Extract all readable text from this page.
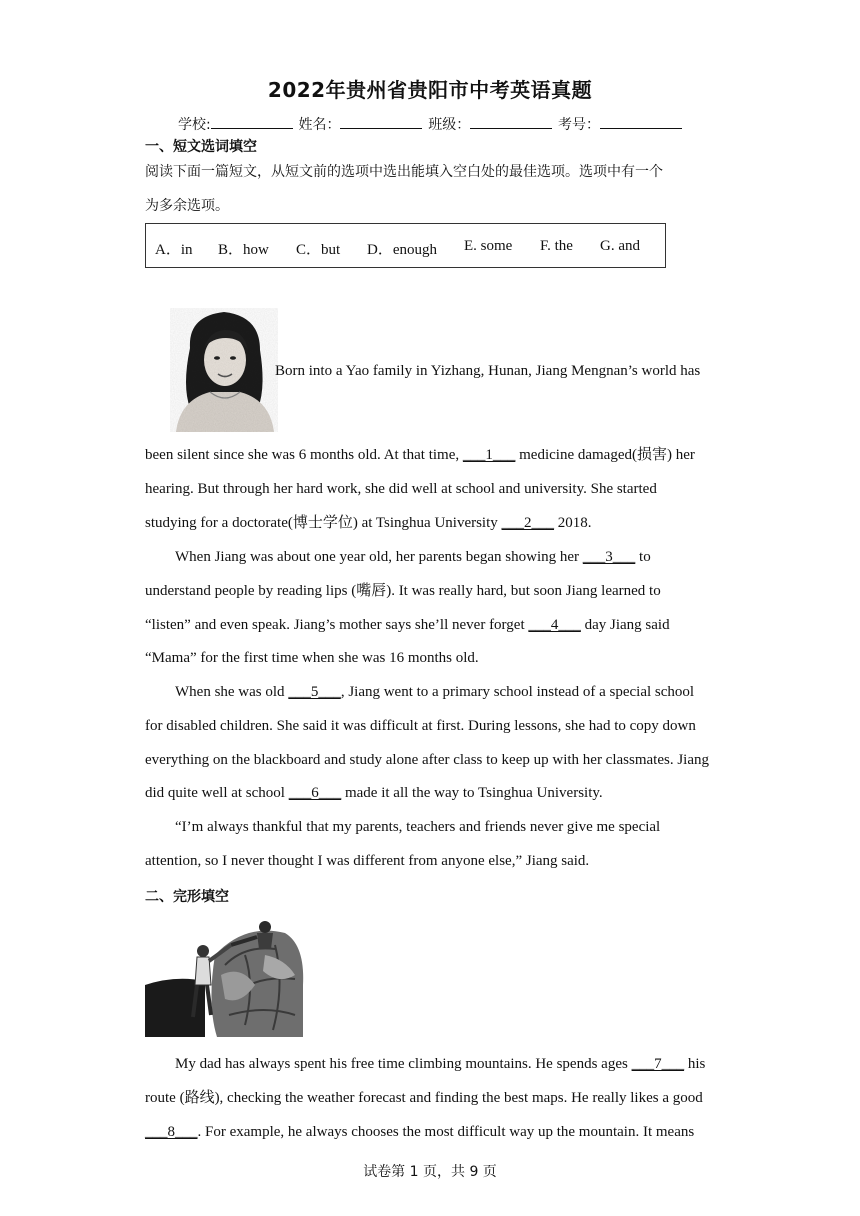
2022年贵州省贵阳市中考英语真题
学校:	姓名：	班级：	考号：
一、短文选词填空
阅读下面一篇短文，从短文前的选项中选出能填入空白处的最佳选项。选项中有一个
为多余选项。
A．in B．how C．but D．enough E. some F. the G. and
Born into a Yao family in Yizhang, Hunan, Jiang Mengnan’s world has
been silent since she was 6 months old. At that time, ___1___ medicine damaged(损害) her
hearing. But through her hard work, she did well at school and university. She started
studying for a doctorate(博士学位) at Tsinghua University ___2___ 2018.
When Jiang was about one year old, her parents began showing her ___3___ to
understand people by reading lips (嘴唇). It was really hard, but soon Jiang learned to
“listen” and even speak. Jiang’s mother says she’ll never forget ___4___ day Jiang said
“Mama” for the first time when she was 16 months old.
When she was old ___5___, Jiang went to a primary school instead of a special school
for disabled children. She said it was difficult at first. During lessons, she had to copy down
everything on the blackboard and study alone after class to keep up with her classmates. Jiang
did quite well at school ___6___ made it all the way to Tsinghua University.
“I’m always thankful that my parents, teachers and friends never give me special
attention, so I never thought I was different from anyone else,” Jiang said.
二、完形填空
My dad has always spent his free time climbing mountains. He spends ages ___7___ his
route (路线), checking the weather forecast and finding the best maps. He really likes a good
___8___. For example, he always chooses the most difficult way up the mountain. It means
试卷第 1 页，共 9 页
